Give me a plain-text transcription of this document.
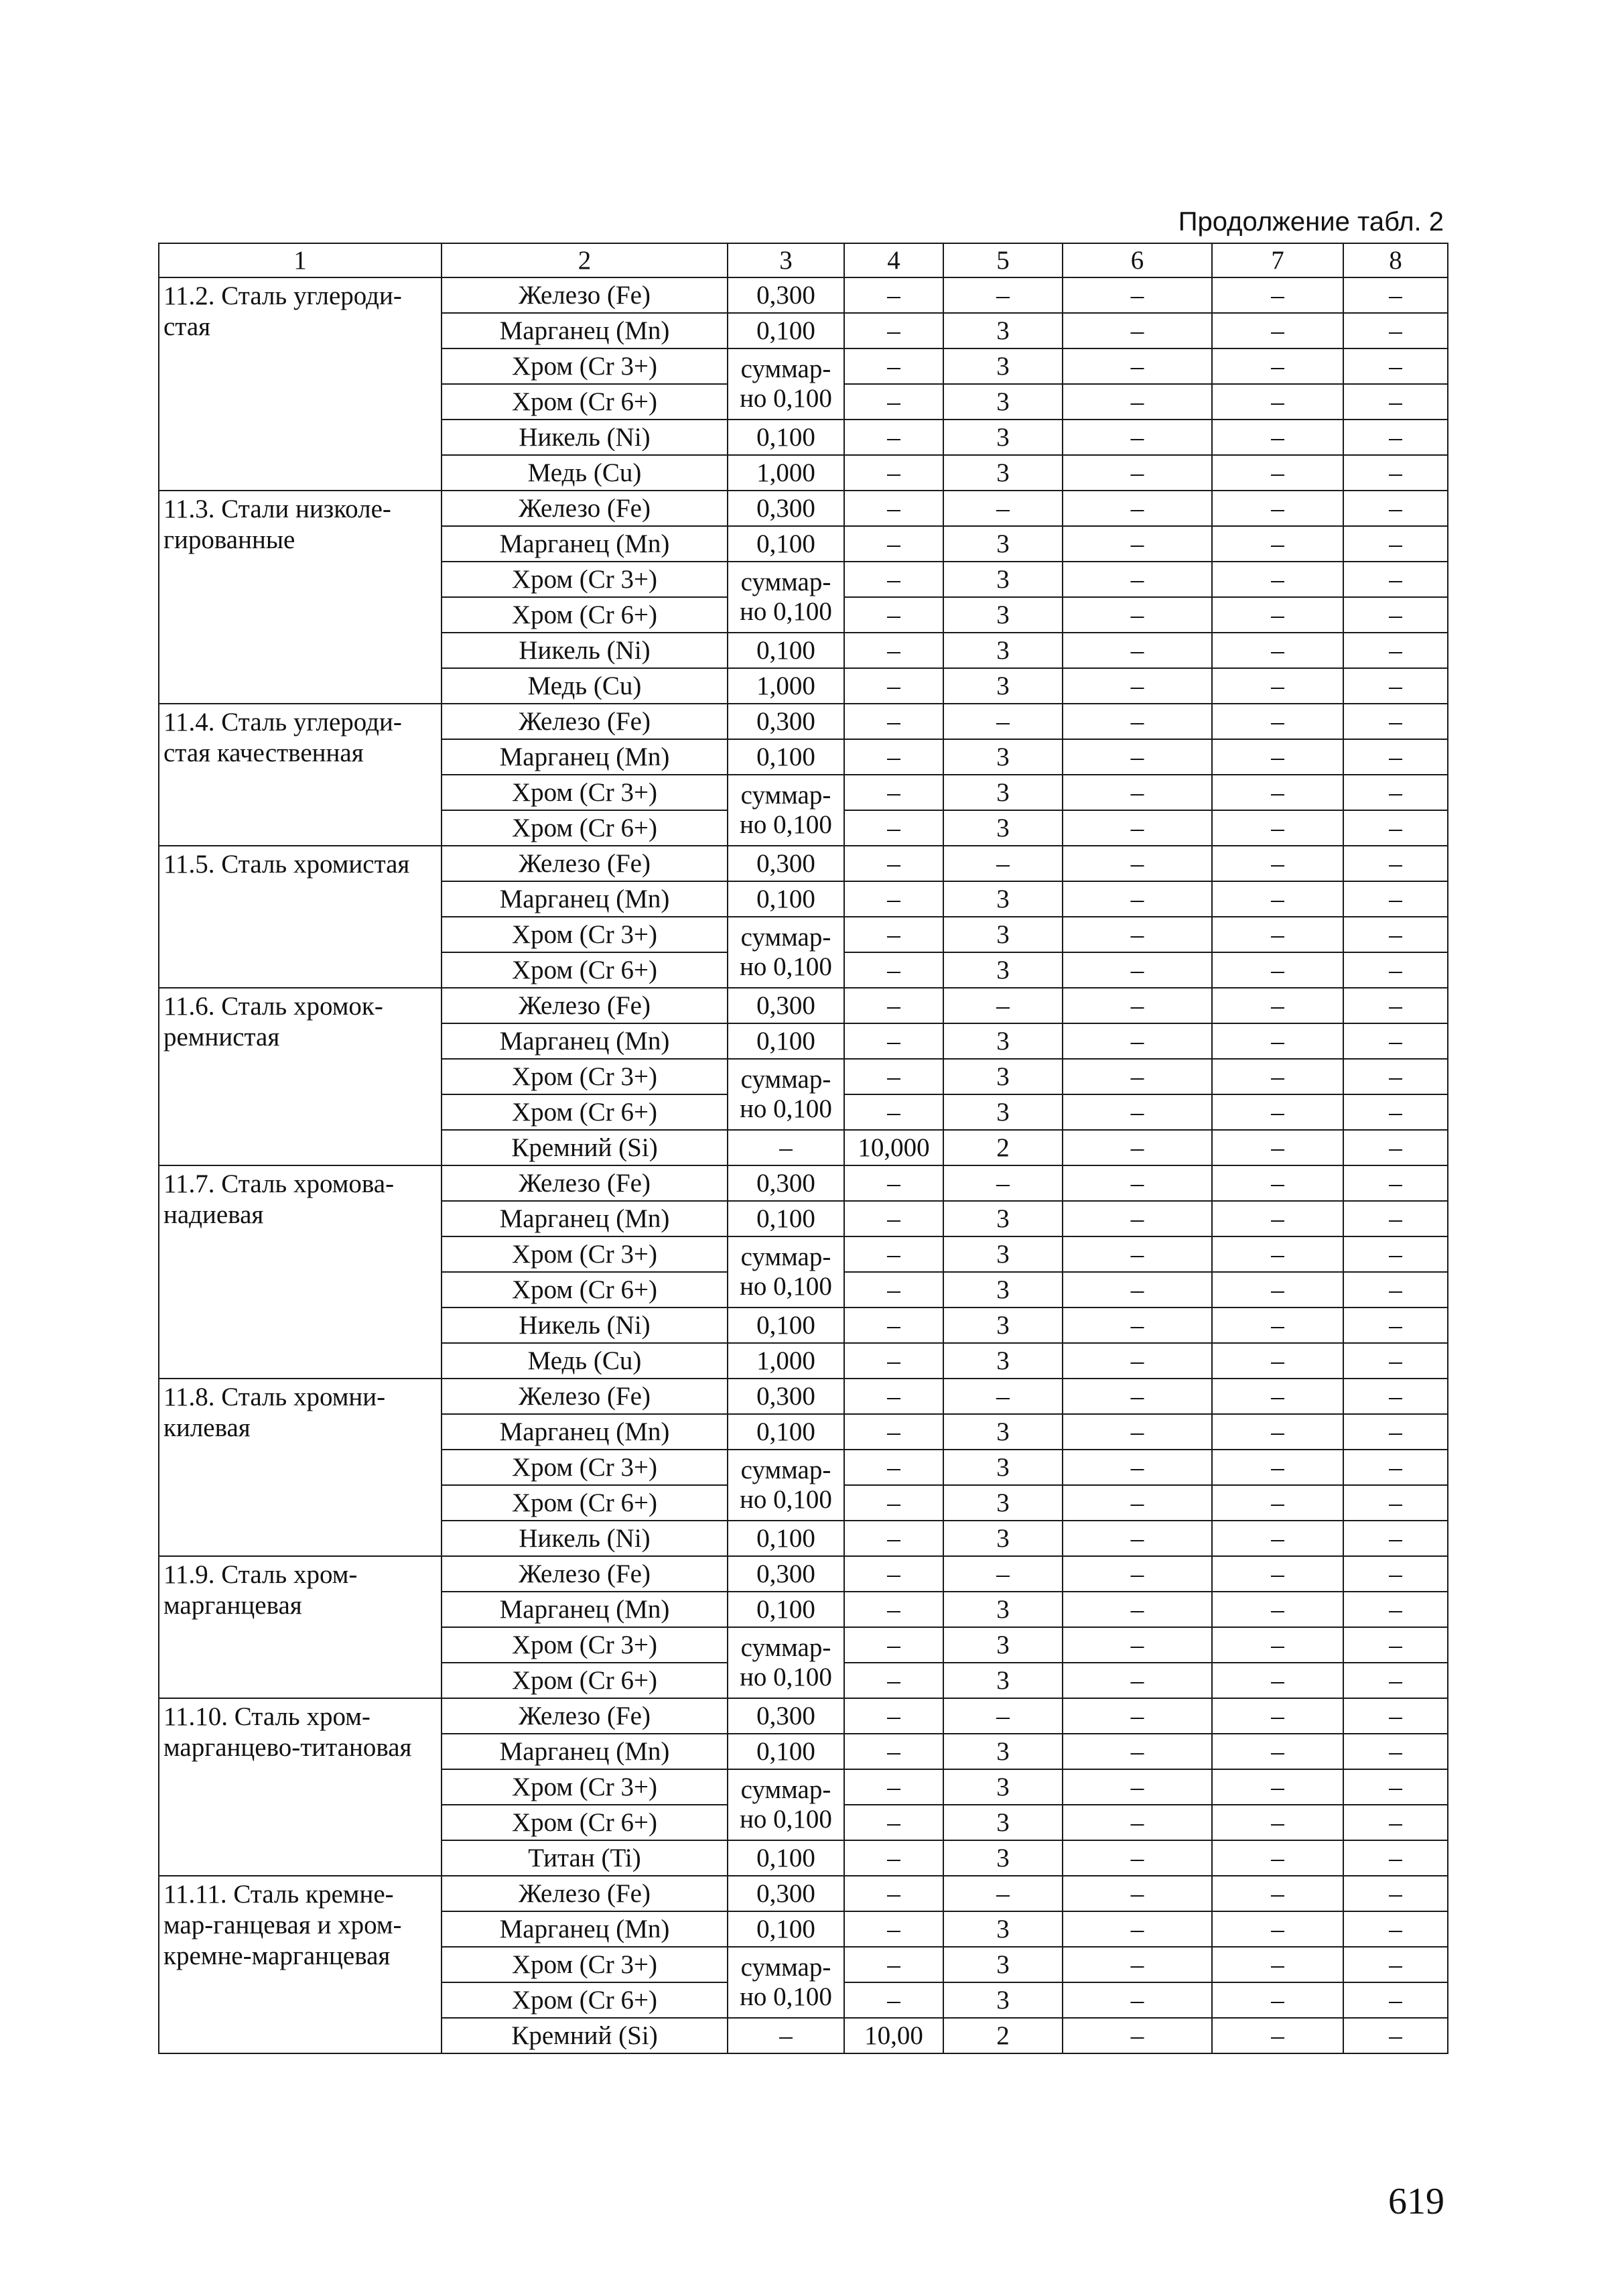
Продолжение табл. 2
1	2	3	4	5	6	7	8
11.2. Сталь углероди-стая	Железо (Fe)	0,300	–	–	–	–	–
	Марганец (Mn)	0,100	–	3	–	–	–
	Хром (Cr 3+)	суммар-но 0,100	–	3	–	–	–
	Хром (Cr 6+)		–	3	–	–	–
	Никель (Ni)	0,100	–	3	–	–	–
	Медь (Cu)	1,000	–	3	–	–	–
11.3. Стали низколе-гированные	Железо (Fe)	0,300	–	–	–	–	–
	Марганец (Mn)	0,100	–	3	–	–	–
	Хром (Cr 3+)	суммар-но 0,100	–	3	–	–	–
	Хром (Cr 6+)		–	3	–	–	–
	Никель (Ni)	0,100	–	3	–	–	–
	Медь (Cu)	1,000	–	3	–	–	–
11.4. Сталь углероди-стая качественная	Железо (Fe)	0,300	–	–	–	–	–
	Марганец (Mn)	0,100	–	3	–	–	–
	Хром (Cr 3+)	суммар-но 0,100	–	3	–	–	–
	Хром (Cr 6+)		–	3	–	–	–
11.5. Сталь хромистая	Железо (Fe)	0,300	–	–	–	–	–
	Марганец (Mn)	0,100	–	3	–	–	–
	Хром (Cr 3+)	суммар-но 0,100	–	3	–	–	–
	Хром (Cr 6+)		–	3	–	–	–
11.6. Сталь хромок-ремнистая	Железо (Fe)	0,300	–	–	–	–	–
	Марганец (Mn)	0,100	–	3	–	–	–
	Хром (Cr 3+)	суммар-но 0,100	–	3	–	–	–
	Хром (Cr 6+)		–	3	–	–	–
	Кремний (Si)	–	10,000	2	–	–	–
11.7. Сталь хромова-надиевая	Железо (Fe)	0,300	–	–	–	–	–
	Марганец (Mn)	0,100	–	3	–	–	–
	Хром (Cr 3+)	суммар-но 0,100	–	3	–	–	–
	Хром (Cr 6+)		–	3	–	–	–
	Никель (Ni)	0,100	–	3	–	–	–
	Медь (Cu)	1,000	–	3	–	–	–
11.8. Сталь хромни-килевая	Железо (Fe)	0,300	–	–	–	–	–
	Марганец (Mn)	0,100	–	3	–	–	–
	Хром (Cr 3+)	суммар-но 0,100	–	3	–	–	–
	Хром (Cr 6+)		–	3	–	–	–
	Никель (Ni)	0,100	–	3	–	–	–
11.9. Сталь хром-марганцевая	Железо (Fe)	0,300	–	–	–	–	–
	Марганец (Mn)	0,100	–	3	–	–	–
	Хром (Cr 3+)	суммар-но 0,100	–	3	–	–	–
	Хром (Cr 6+)		–	3	–	–	–
11.10. Сталь хром-марганцево-титановая	Железо (Fe)	0,300	–	–	–	–	–
	Марганец (Mn)	0,100	–	3	–	–	–
	Хром (Cr 3+)	суммар-но 0,100	–	3	–	–	–
	Хром (Cr 6+)		–	3	–	–	–
	Титан (Ti)	0,100	–	3	–	–	–
11.11. Сталь кремне-мар-ганцевая и хром-кремне-марганцевая	Железо (Fe)	0,300	–	–	–	–	–
	Марганец (Mn)	0,100	–	3	–	–	–
	Хром (Cr 3+)	суммар-но 0,100	–	3	–	–	–
	Хром (Cr 6+)		–	3	–	–	–
	Кремний (Si)	–	10,00	2	–	–	–
619
